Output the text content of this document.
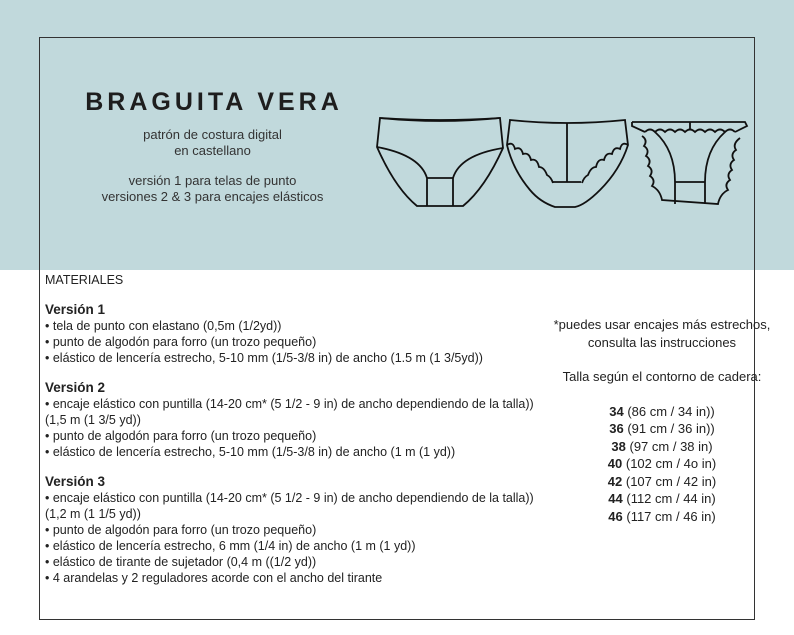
BRAGUITA VERA
patrón de costura digital
en castellano
versión 1 para telas de punto
versiones 2 & 3 para encajes elásticos
MATERIALES
Versión 1
• tela de punto con elastano (0,5m (1/2yd))
• punto de algodón para forro (un trozo pequeño)
• elástico de lencería estrecho, 5-10 mm (1/5-3/8 in) de ancho (1.5 m (1 3/5yd))
Versión 2
• encaje elástico con puntilla (14-20 cm* (5 1/2 - 9 in) de ancho dependiendo de la talla)) (1,5 m (1 3/5 yd))
• punto de algodón para forro (un trozo pequeño)
• elástico de lencería estrecho, 5-10 mm (1/5-3/8 in) de ancho (1 m (1 yd))
Versión 3
• encaje elástico con puntilla (14-20 cm* (5 1/2 - 9 in) de ancho dependiendo de la talla)) (1,2 m (1 1/5 yd))
• punto de algodón para forro (un trozo pequeño)
• elástico de lencería estrecho, 6 mm (1/4 in) de ancho (1 m (1 yd))
• elástico de tirante de sujetador (0,4 m ((1/2 yd))
• 4 arandelas y 2 reguladores acorde con el ancho del tirante

*puedes usar encajes más estrechos, consulta las instrucciones

Talla según el contorno de cadera:

34 (86 cm / 34 in))
36 (91 cm / 36 in))
38 (97 cm / 38 in)
40 (102 cm / 4o in)
42 (107 cm / 42 in)
44 (112 cm / 44 in)
46 (117 cm / 46 in)
